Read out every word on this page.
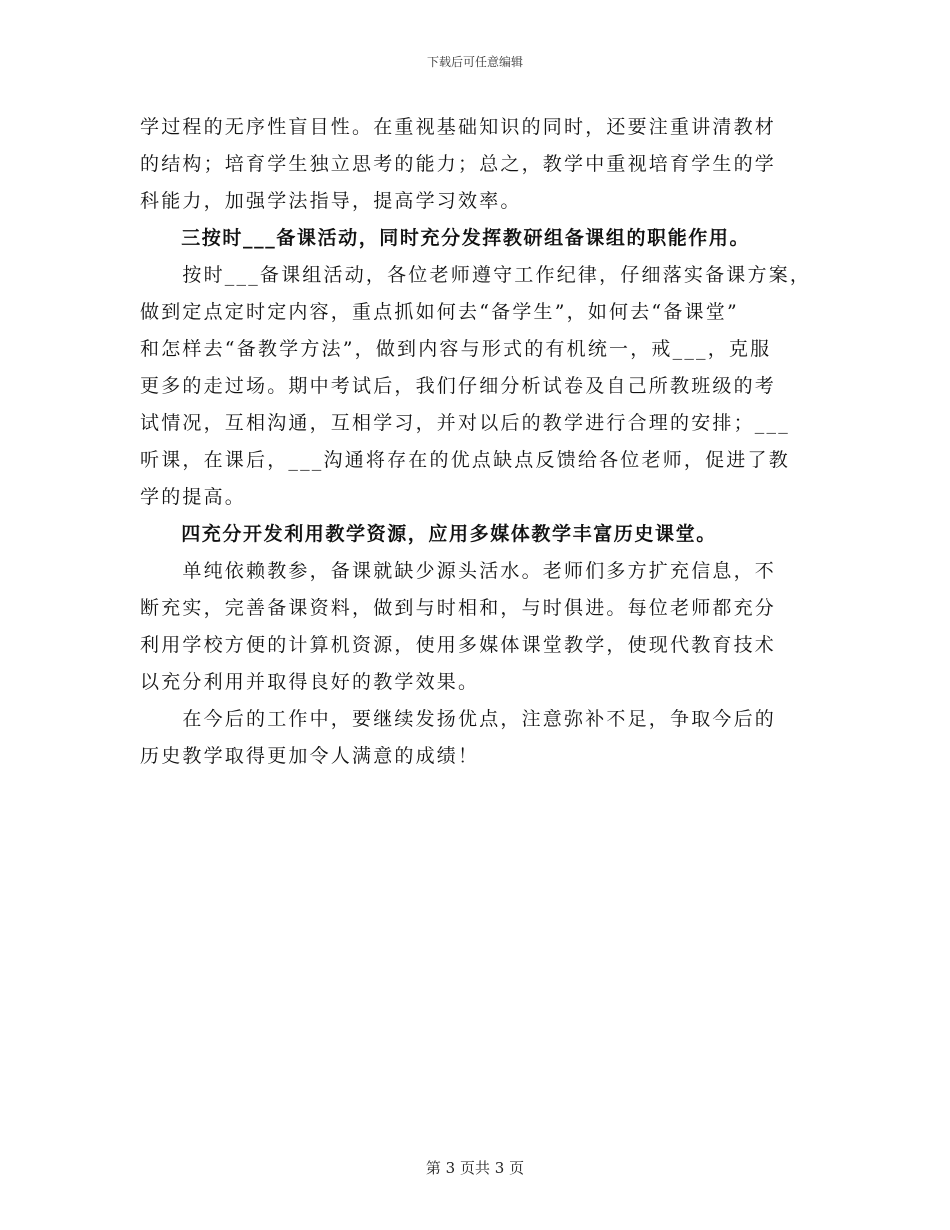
下载后可任意编辑
学过程的无序性盲目性。在重视基础知识的同时，还要注重讲清教材
的结构；培育学生独立思考的能力；总之，教学中重视培育学生的学
科能力，加强学法指导，提高学习效率。
　　三按时___备课活动，同时充分发挥教研组备课组的职能作用。
　　按时___备课组活动，各位老师遵守工作纪律，仔细落实备课方案，
做到定点定时定内容，重点抓如何去“备学生”，如何去“备课堂”
和怎样去“备教学方法”，做到内容与形式的有机统一，戒___，克服
更多的走过场。期中考试后，我们仔细分析试卷及自己所教班级的考
试情况，互相沟通，互相学习，并对以后的教学进行合理的安排；___
听课，在课后，___沟通将存在的优点缺点反馈给各位老师，促进了教
学的提高。
　　四充分开发利用教学资源，应用多媒体教学丰富历史课堂。
　　单纯依赖教参，备课就缺少源头活水。老师们多方扩充信息，不
断充实，完善备课资料，做到与时相和，与时俱进。每位老师都充分
利用学校方便的计算机资源，使用多媒体课堂教学，使现代教育技术
以充分利用并取得良好的教学效果。
　　在今后的工作中，要继续发扬优点，注意弥补不足，争取今后的
历史教学取得更加令人满意的成绩！
第 3 页共 3 页
